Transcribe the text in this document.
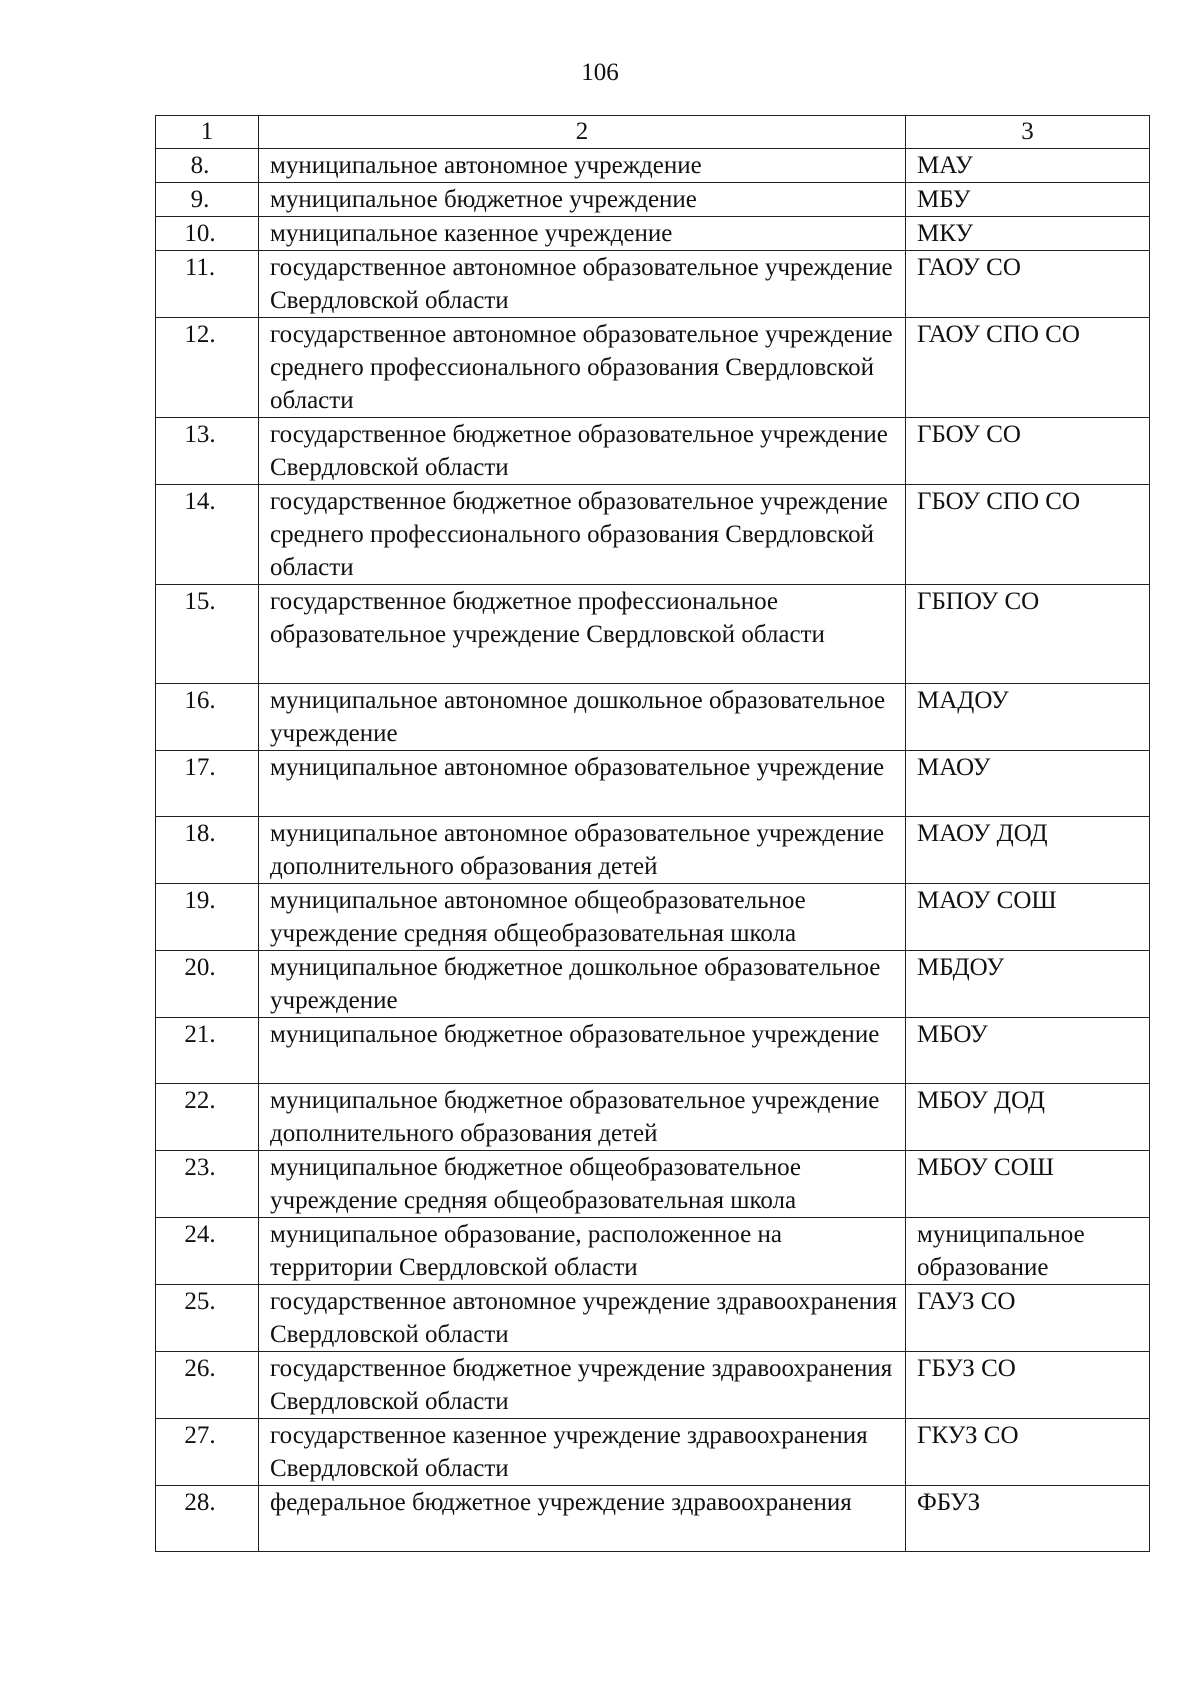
106
1	2	3
8.	муниципальное автономное учреждение	МАУ
9.	муниципальное бюджетное учреждение	МБУ
10.	муниципальное казенное учреждение	МКУ
11.	государственное автономное образовательное учреждение Свердловской области	ГАОУ СО
12.	государственное автономное образовательное учреждение среднего профессионального образования Свердловской области	ГАОУ СПО СО
13.	государственное бюджетное образовательное учреждение Свердловской области	ГБОУ СО
14.	государственное бюджетное образовательное учреждение среднего профессионального образования Свердловской области	ГБОУ СПО СО
15.	государственное бюджетное профессиональное образовательное учреждение Свердловской области	ГБПОУ СО
16.	муниципальное автономное дошкольное образовательное учреждение	МАДОУ
17.	муниципальное автономное образовательное учреждение	МАОУ
18.	муниципальное автономное образовательное учреждение дополнительного образования детей	МАОУ ДОД
19.	муниципальное автономное общеобразовательное учреждение средняя общеобразовательная школа	МАОУ СОШ
20.	муниципальное бюджетное дошкольное образовательное учреждение	МБДОУ
21.	муниципальное бюджетное образовательное учреждение	МБОУ
22.	муниципальное бюджетное образовательное учреждение дополнительного образования детей	МБОУ ДОД
23.	муниципальное бюджетное общеобразовательное учреждение средняя общеобразовательная школа	МБОУ СОШ
24.	муниципальное образование, расположенное на территории Свердловской области	муниципальное образование
25.	государственное автономное учреждение здравоохранения Свердловской области	ГАУЗ СО
26.	государственное бюджетное учреждение здравоохранения Свердловской области	ГБУЗ СО
27.	государственное казенное учреждение здравоохранения Свердловской области	ГКУЗ СО
28.	федеральное бюджетное учреждение здравоохранения	ФБУЗ
